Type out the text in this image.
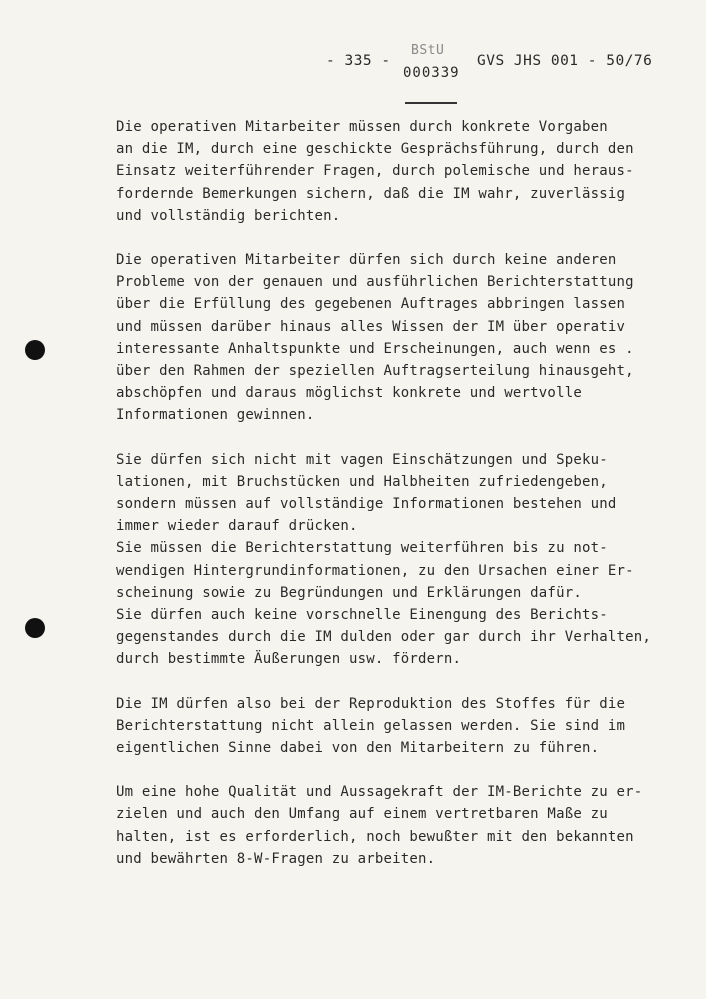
- 335 -
BStU
000339
GVS JHS 001 - 50/76

Die operativen Mitarbeiter müssen durch konkrete Vorgaben
an die IM, durch eine geschickte Gesprächsführung, durch den
Einsatz weiterführender Fragen, durch polemische und heraus-
fordernde Bemerkungen sichern, daß die IM wahr, zuverlässig
und vollständig berichten.

Die operativen Mitarbeiter dürfen sich durch keine anderen
Probleme von der genauen und ausführlichen Berichterstattung
über die Erfüllung des gegebenen Auftrages abbringen lassen
und müssen darüber hinaus alles Wissen der IM über operativ
interessante Anhaltspunkte und Erscheinungen, auch wenn es .
über den Rahmen der speziellen Auftragserteilung hinausgeht,
abschöpfen und daraus möglichst konkrete und wertvolle
Informationen gewinnen.

Sie dürfen sich nicht mit vagen Einschätzungen und Speku-
lationen, mit Bruchstücken und Halbheiten zufriedengeben,
sondern müssen auf vollständige Informationen bestehen und
immer wieder darauf drücken.
Sie müssen die Berichterstattung weiterführen bis zu not-
wendigen Hintergrundinformationen, zu den Ursachen einer Er-
scheinung sowie zu Begründungen und Erklärungen dafür.
Sie dürfen auch keine vorschnelle Einengung des Berichts-
gegenstandes durch die IM dulden oder gar durch ihr Verhalten,
durch bestimmte Äußerungen usw. fördern.

Die IM dürfen also bei der Reproduktion des Stoffes für die
Berichterstattung nicht allein gelassen werden. Sie sind im
eigentlichen Sinne dabei von den Mitarbeitern zu führen.

Um eine hohe Qualität und Aussagekraft der IM-Berichte zu er-
zielen und auch den Umfang auf einem vertretbaren Maße zu
halten, ist es erforderlich, noch bewußter mit den bekannten
und bewährten 8-W-Fragen zu arbeiten.
